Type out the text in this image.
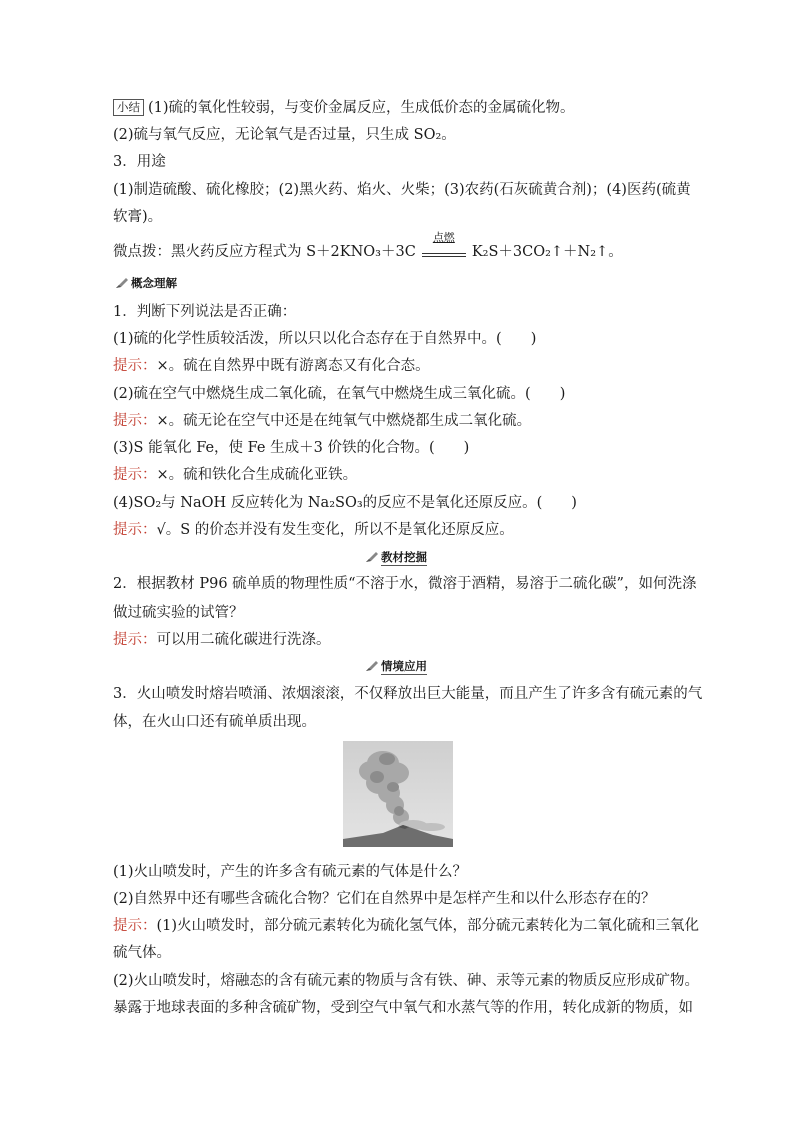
小结 (1)硫的氧化性较弱，与变价金属反应，生成低价态的金属硫化物。
(2)硫与氧气反应，无论氧气是否过量，只生成 SO₂。
3．用途
(1)制造硫酸、硫化橡胶；(2)黑火药、焰火、火柴；(3)农药(石灰硫黄合剂)；(4)医药(硫黄
软膏)。
微点拨：黑火药反应方程式为 S＋2KNO₃＋3C
点燃
K₂S＋3CO₂↑＋N₂↑。
概念理解
1．判断下列说法是否正确：
(1)硫的化学性质较活泼，所以只以化合态存在于自然界中。(　　)
提示：×。硫在自然界中既有游离态又有化合态。
(2)硫在空气中燃烧生成二氧化硫，在氧气中燃烧生成三氧化硫。(　　)
提示：×。硫无论在空气中还是在纯氧气中燃烧都生成二氧化硫。
(3)S 能氧化 Fe，使 Fe 生成＋3 价铁的化合物。(　　)
提示：×。硫和铁化合生成硫化亚铁。
(4)SO₂与 NaOH 反应转化为 Na₂SO₃的反应不是氧化还原反应。(　　)
提示：√。S 的价态并没有发生变化，所以不是氧化还原反应。
教材挖掘
2．根据教材 P96 硫单质的物理性质“不溶于水，微溶于酒精，易溶于二硫化碳”，如何洗涤
做过硫实验的试管？
提示：可以用二硫化碳进行洗涤。
情境应用
3．火山喷发时熔岩喷涌、浓烟滚滚，不仅释放出巨大能量，而且产生了许多含有硫元素的气
体，在火山口还有硫单质出现。
(1)火山喷发时，产生的许多含有硫元素的气体是什么？
(2)自然界中还有哪些含硫化合物？它们在自然界中是怎样产生和以什么形态存在的？
提示：(1)火山喷发时，部分硫元素转化为硫化氢气体，部分硫元素转化为二氧化硫和三氧化
硫气体。
(2)火山喷发时，熔融态的含有硫元素的物质与含有铁、砷、汞等元素的物质反应形成矿物。
暴露于地球表面的多种含硫矿物，受到空气中氧气和水蒸气等的作用，转化成新的物质，如
